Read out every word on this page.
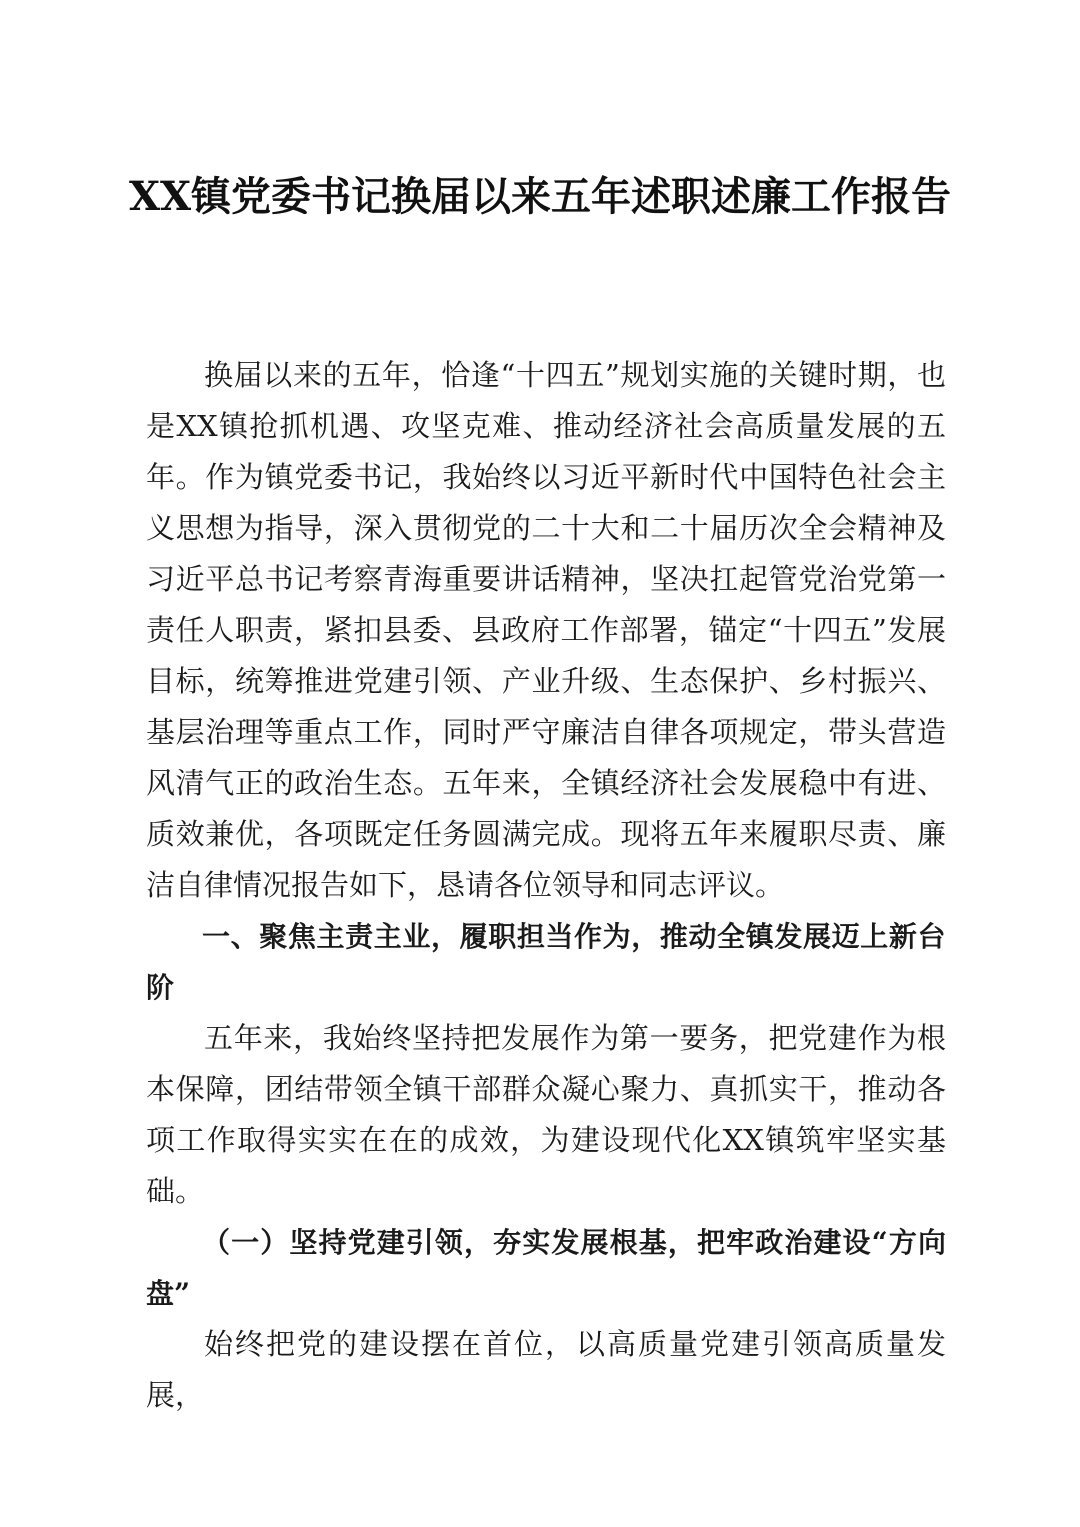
XX镇党委书记换届以来五年述职述廉工作报告

换届以来的五年，恰逢“十四五”规划实施的关键时期，也是XX镇抢抓机遇、攻坚克难、推动经济社会高质量发展的五年。作为镇党委书记，我始终以习近平新时代中国特色社会主义思想为指导，深入贯彻党的二十大和二十届历次全会精神及习近平总书记考察青海重要讲话精神，坚决扛起管党治党第一责任人职责，紧扣县委、县政府工作部署，锚定“十四五”发展目标，统筹推进党建引领、产业升级、生态保护、乡村振兴、基层治理等重点工作，同时严守廉洁自律各项规定，带头营造风清气正的政治生态。五年来，全镇经济社会发展稳中有进、质效兼优，各项既定任务圆满完成。现将五年来履职尽责、廉洁自律情况报告如下，恳请各位领导和同志评议。

一、聚焦主责主业，履职担当作为，推动全镇发展迈上新台阶

五年来，我始终坚持把发展作为第一要务，把党建作为根本保障，团结带领全镇干部群众凝心聚力、真抓实干，推动各项工作取得实实在在的成效，为建设现代化XX镇筑牢坚实基础。

（一）坚持党建引领，夯实发展根基，把牢政治建设“方向盘”

始终把党的建设摆在首位，以高质量党建引领高质量发展，
